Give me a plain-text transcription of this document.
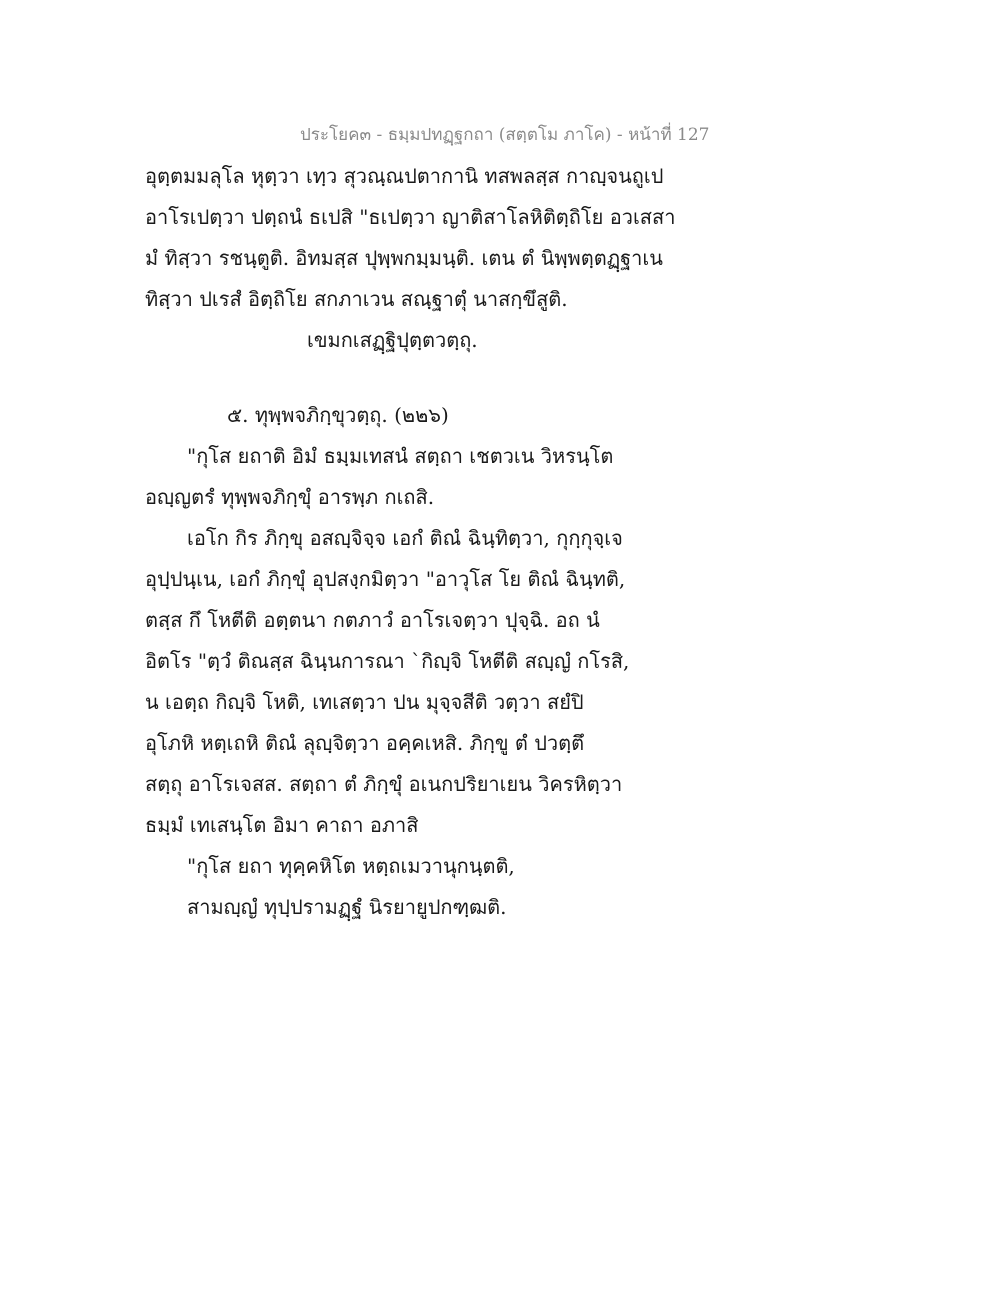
ประโยค๓ - ธมฺมปทฏฺฐกถา (สตฺตโม ภาโค) - หน้าที่ 127
อุตฺตมมลุโล หุตฺวา เทฺว สุวณฺณปตากานิ ทสพลสฺส กาญฺจนถูเป
อาโรเปตฺวา ปตฺถนํ ธเปสิ "ธเปตฺวา ญาติสาโลหิติตฺถิโย อวเสสา
มํ ทิสฺวา รชนฺตูติ. อิทมสฺส ปุพฺพกมฺมนฺติ. เตน ตํ นิพฺพตฺตฏฺฐาเน
ทิสฺวา ปเรสํ อิตฺถิโย สกภาเวน สณฺฐาตุํ นาสกฺขึสูติ.
เขมกเสฏฺฐิปุตฺตวตฺถุ.
๕. ทุพฺพจภิกฺขุวตฺถุ. (๒๒๖)
"กุโส ยถาติ อิมํ ธมฺมเทสนํ สตฺถา เชตวเน วิหรนฺโต
อญฺญตรํ ทุพฺพจภิกฺขุํ อารพฺภ กเถสิ.
เอโก กิร ภิกฺขุ อสญฺจิจฺจ เอกํ ติณํ ฉินฺทิตฺวา, กุกฺกุจฺเจ
อุปฺปนฺเน, เอกํ ภิกฺขุํ อุปสงฺกมิตฺวา "อาวุโส โย ติณํ ฉินฺทติ,
ตสฺส กึ โหตีติ อตฺตนา กตภาวํ อาโรเจตฺวา ปุจฺฉิ. อถ นํ
อิตโร "ตฺวํ ติณสฺส ฉินฺนการณา `กิญฺจิ โหตีติ สญฺญํ กโรสิ,
น เอตฺถ กิญฺจิ โหติ, เทเสตฺวา ปน มุจฺจสีติ วตฺวา สยํปิ
อุโภหิ หตฺเถหิ ติณํ ลุญฺจิตฺวา อคฺคเหสิ. ภิกฺขู ตํ ปวตฺตึ
สตฺถุ อาโรเจสส. สตฺถา ตํ ภิกฺขุํ อเนกปริยาเยน วิครหิตฺวา
ธมฺมํ เทเสนฺโต อิมา คาถา อภาสิ
"กุโส ยถา ทุคฺคหิโต หตฺถเมวานุกนฺตติ,
สามญฺญํ ทุปฺปรามฏฺฐํ นิรยายูปกฑฺฒติ.
